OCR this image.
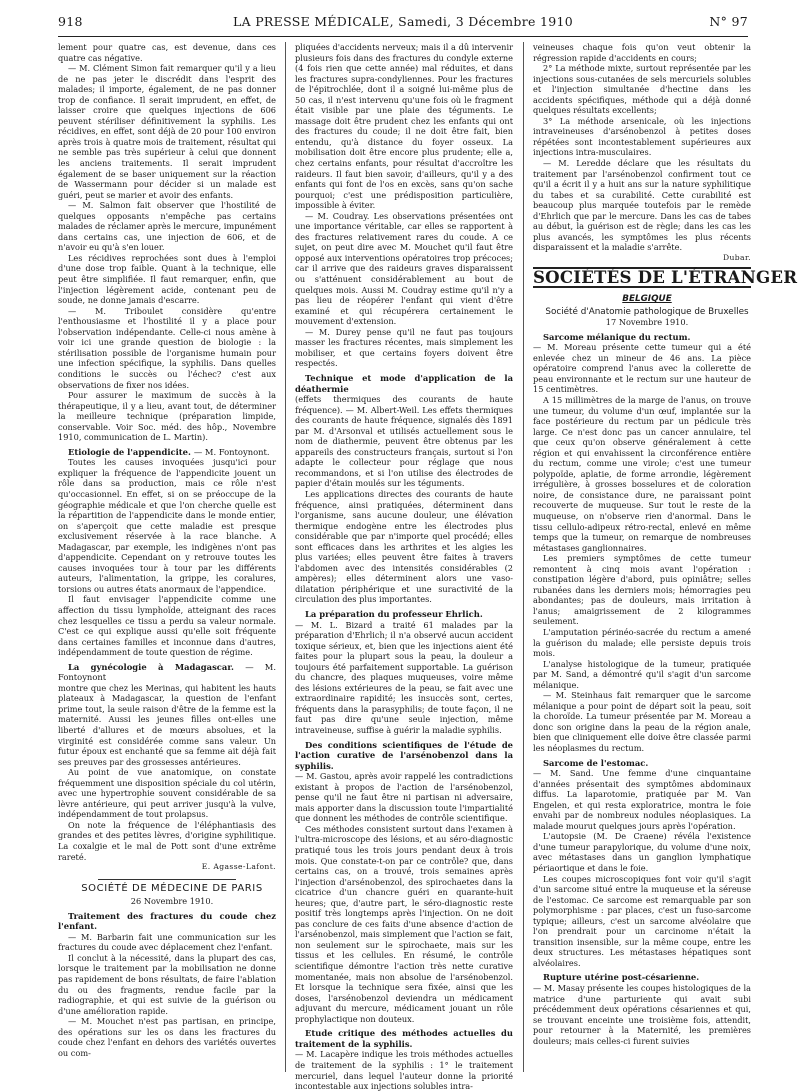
918	LA PRESSE MÉDICALE, Samedi, 3 Décembre 1910	N° 97

lement pour quatre cas, est devenue, dans ces quatre cas négative.

— M. Clément Simon fait remarquer qu'il y a lieu de ne pas jeter le discrédit dans l'esprit des malades; il importe, également, de ne pas donner trop de confiance. Il serait imprudent, en effet, de laisser croire que quelques injections de 606 peuvent stériliser définitivement la syphilis. Les récidives, en effet, sont déjà de 20 pour 100 environ après trois à quatre mois de traitement, résultat qui ne semble pas très supérieur à celui que donnent les anciens traitements. Il serait imprudent également de se baser uniquement sur la réaction de Wassermann pour décider si un malade est guéri, peut se marier et avoir des enfants.

— M. Salmon fait observer que l'hostilité de quelques opposants n'empêche pas certains malades de réclamer après le mercure, impunément dans certains cas, une injection de 606, et de n'avoir eu qu'à s'en louer.

Les récidives reprochées sont dues à l'emploi d'une dose trop faible. Quant à la technique, elle peut être simplifiée. Il faut remarquer, enfin, que l'injection légèrement acide, contenant peu de soude, ne donne jamais d'escarre.

— M. Triboulet considère qu'entre l'enthousiasme et l'hostilité il y a place pour l'observation indépendante. Celle-ci nous amène à voir ici une grande question de biologie : la stérilisation possible de l'organisme humain pour une infection spécifique, la syphilis. Dans quelles conditions le succès ou l'échec? c'est aux observations de fixer nos idées.

Pour assurer le maximum de succès à la thérapeutique, il y a lieu, avant tout, de déterminer la meilleure technique (préparation limpide, conservable. Voir Soc. méd. des hôp., Novembre 1910, communication de L. Martin).

Etiologie de l'appendicite. — M. Fontoynont.

Toutes les causes invoquées jusqu'ici pour expliquer la fréquence de l'appendicite jouent un rôle dans sa production, mais ce rôle n'est qu'occasionnel. En effet, si on se préoccupe de la géographie médicale et que l'on cherche quelle est la répartition de l'appendicite dans le monde entier, on s'aperçoit que cette maladie est presque exclusivement réservée à la race blanche. A Madagascar, par exemple, les indigènes n'ont pas d'appendicite. Cependant on y retrouve toutes les causes invoquées tour à tour par les différents auteurs, l'alimentation, la grippe, les coralures, torsions ou autres états anormaux de l'appendice.

Il faut envisager l'appendicite comme une affection du tissu lymphoïde, atteignant des races chez lesquelles ce tissu a perdu sa valeur normale. C'est ce qui explique aussi qu'elle soit fréquente dans certaines familles et inconnue dans d'autres, indépendamment de toute question de régime.

La gynécologie à Madagascar. — M. Fontoynont

montre que chez les Merinas, qui habitent les hauts plateaux à Madagascar, la question de l'enfant prime tout, la seule raison d'être de la femme est la maternité. Aussi les jeunes filles ont-elles une liberté d'allures et de mœurs absolues, et la virginité est considérée comme sans valeur. Un futur époux est enchanté que sa femme ait déjà fait ses preuves par des grossesses antérieures.

Au point de vue anatomique, on constate fréquemment une disposition spéciale du col utérin, avec une hypertrophie souvent considérable de sa lèvre antérieure, qui peut arriver jusqu'à la vulve, indépendamment de tout prolapsus.

On note la fréquence de l'éléphantiasis des grandes et des petites lèvres, d'origine syphilitique. La coxalgie et le mal de Pott sont d'une extrême rareté.

E. Agasse-Lafont.

SOCIÉTÉ DE MÉDECINE DE PARIS

26 Novembre 1910.

Traitement des fractures du coude chez l'enfant.

— M. Barbarin fait une communication sur les fractures du coude avec déplacement chez l'enfant.

Il conclut à la nécessité, dans la plupart des cas, lorsque le traitement par la mobilisation ne donne pas rapidement de bons résultats, de faire l'ablation du ou des fragments, rendue facile par la radiographie, et qui est suivie de la guérison ou d'une amélioration rapide.

— M. Mouchet n'est pas partisan, en principe, des opérations sur les os dans les fractures du coude chez l'enfant en dehors des variétés ouvertes ou com-

pliquées d'accidents nerveux; mais il a dû intervenir plusieurs fois dans des fractures du condyle externe (4 fois rien que cette année) mal réduites, et dans les fractures supra-condyliennes. Pour les fractures de l'épitrochlée, dont il a soigné lui-même plus de 50 cas, il n'est intervenu qu'une fois où le fragment était visible par une plaie des téguments. Le massage doit être prudent chez les enfants qui ont des fractures du coude; il ne doit être fait, bien entendu, qu'à distance du foyer osseux. La mobilisation doit être encore plus prudente; elle a, chez certains enfants, pour résultat d'accroître les raideurs. Il faut bien savoir, d'ailleurs, qu'il y a des enfants qui font de l'os en excès, sans qu'on sache pourquoi; c'est une prédisposition particulière, impossible à éviter.

— M. Coudray. Les observations présentées ont une importance véritable, car elles se rapportent à des fractures relativement rares du coude. A ce sujet, on peut dire avec M. Mouchet qu'il faut être opposé aux interventions opératoires trop précoces; car il arrive que des raideurs graves disparaissent ou s'atténuent considérablement au bout de quelques mois. Aussi M. Coudray estime qu'il n'y a pas lieu de réopérer l'enfant qui vient d'être examiné et qui récupérera certainement le mouvement d'extension.

— M. Durey pense qu'il ne faut pas toujours masser les fractures récentes, mais simplement les mobiliser, et que certains foyers doivent être respectés.

Technique et mode d'application de la déathermie

(effets thermiques des courants de haute fréquence). — M. Albert-Weil. Les effets thermiques des courants de haute fréquence, signalés dès 1891 par M. d'Arsonval et utilisés actuellement sous le nom de diathermie, peuvent être obtenus par les appareils des constructeurs français, surtout si l'on adapte le collecteur pour réglage que nous recommandons, et si l'on utilise des électrodes de papier d'étain moulés sur les téguments.

Les applications directes des courants de haute fréquence, ainsi pratiquées, déterminent dans l'organisme, sans aucune douleur, une élévation thermique endogène entre les électrodes plus considérable que par n'importe quel procédé; elles sont efficaces dans les arthrites et les algies les plus variées; elles peuvent être faites à travers l'abdomen avec des intensités considérables (2 ampères); elles déterminent alors une vaso-dilatation périphérique et une suractivité de la circulation des plus importantes.

La préparation du professeur Ehrlich.

— M. L. Bizard a traité 61 malades par la préparation d'Ehrlich; il n'a observé aucun accident toxique sérieux, et, bien que les injections aient été faites pour la plupart sous la peau, la douleur a toujours été parfaitement supportable. La guérison du chancre, des plaques muqueuses, voire même des lésions extérieures de la peau, se fait avec une extraordinaire rapidité; les insuccès sont, certes, fréquents dans la parasyphilis; de toute façon, il ne faut pas dire qu'une seule injection, même intraveineuse, suffise à guérir la maladie syphilis.

Des conditions scientifiques de l'étude de l'action curative de l'arsénobenzol dans la syphilis.

— M. Gastou, après avoir rappelé les contradictions existant à propos de l'action de l'arsénobenzol, pense qu'il ne faut être ni partisan ni adversaire, mais apporter dans la discussion toute l'impartialité que donnent les méthodes de contrôle scientifique.

Ces méthodes consistent surtout dans l'examen à l'ultra-microscope des lésions, et au séro-diagnostic pratiqué tous les trois jours pendant deux à trois mois. Que constate-t-on par ce contrôle? que, dans certains cas, on a trouvé, trois semaines après l'injection d'arsénobenzol, des spirochaetes dans la cicatrice d'un chancre guéri en quarante-huit heures; que, d'autre part, le séro-diagnostic reste positif très longtemps après l'injection. On ne doit pas conclure de ces faits d'une absence d'action de l'arsénobenzol, mais simplement que l'action se fait, non seulement sur le spirochaete, mais sur les tissus et les cellules. En résumé, le contrôle scientifique démontre l'action très nette curative momentanée, mais non absolue de l'arsénobenzol. Et lorsque la technique sera fixée, ainsi que les doses, l'arsénobenzol deviendra un médicament adjuvant du mercure, médicament jouant un rôle prophylactique non douteux.

Etude critique des méthodes actuelles du traitement de la syphilis.

— M. Lacapère indique les trois méthodes actuelles de traitement de la syphilis : 1° le traitement mercuriel, dans lequel l'auteur donne la priorité incontestable aux injections solubles intra-

veineuses chaque fois qu'on veut obtenir la régression rapide d'accidents en cours;

2° La méthode mixte, surtout représentée par les injections sous-cutanées de sels mercuriels solubles et l'injection simultanée d'hectine dans les accidents spécifiques, méthode qui a déjà donné quelques résultats excellents;

3° La méthode arsenicale, où les injections intraveineuses d'arsénobenzol à petites doses répétées sont incontestablement supérieures aux injections intra-musculaires.

— M. Leredde déclare que les résultats du traitement par l'arsénobenzol confirment tout ce qu'il a écrit il y a huit ans sur la nature syphilitique du tabes et sa curabilité. Cette curabilité est beaucoup plus marquée toutefois par le remède d'Ehrlich que par le mercure. Dans les cas de tabes au début, la guérison est de règle; dans les cas les plus avancés, les symptômes les plus récents disparaissent et la maladie s'arrête.

Dubar.

SOCIÉTÉS DE L'ÉTRANGER

BELGIQUE

Société d'Anatomie pathologique de Bruxelles

17 Novembre 1910.

Sarcome mélanique du rectum.

— M. Moreau présente cette tumeur qui a été enlevée chez un mineur de 46 ans. La pièce opératoire comprend l'anus avec la collerette de peau environnante et le rectum sur une hauteur de 15 centimètres.

A 15 millimètres de la marge de l'anus, on trouve une tumeur, du volume d'un œuf, implantée sur la face postérieure du rectum par un pédicule très large. Ce n'est donc pas un cancer annulaire, tel que ceux qu'on observe généralement à cette région et qui envahissent la circonférence entière du rectum, comme une virole; c'est une tumeur polypoïde, aplatie, de forme arrondie, légèrement irrégulière, à grosses bosselures et de coloration noire, de consistance dure, ne paraissant point recouverte de muqueuse. Sur tout le reste de la muqueuse, on n'observe rien d'anormal. Dans le tissu cellulo-adipeux rétro-rectal, enlevé en même temps que la tumeur, on remarque de nombreuses métastases ganglionnaires.

Les premiers symptômes de cette tumeur remontent à cinq mois avant l'opération : constipation légère d'abord, puis opiniâtre; selles rubanées dans les derniers mois; hémorragies peu abondantes; pas de douleurs, mais irritation à l'anus; amaigrissement de 2 kilogrammes seulement.

L'amputation périnéo-sacrée du rectum a amené la guérison du malade; elle persiste depuis trois mois.

L'analyse histologique de la tumeur, pratiquée par M. Sand, a démontré qu'il s'agit d'un sarcome mélanique.

— M. Steinhaus fait remarquer que le sarcome mélanique a pour point de départ soit la peau, soit la choroïde. La tumeur présentée par M. Moreau a donc son origine dans la peau de la région anale, bien que cliniquement elle doive être classée parmi les néoplasmes du rectum.

Sarcome de l'estomac.

— M. Sand. Une femme d'une cinquantaine d'années présentait des symptômes abdominaux diffus. La laparotomie, pratiquée par M. Van Engelen, et qui resta exploratrice, montra le foie envahi par de nombreux nodules néoplasiques. La malade mourut quelques jours après l'opération.

L'autopsie (M. De Craene) révéla l'existence d'une tumeur parapylorique, du volume d'une noix, avec métastases dans un ganglion lymphatique périaortique et dans le foie.

Les coupes microscopiques font voir qu'il s'agit d'un sarcome situé entre la muqueuse et la séreuse de l'estomac. Ce sarcome est remarquable par son polymorphisme : par places, c'est un fuso-sarcome typique; ailleurs, c'est un sarcome alvéolaire que l'on prendrait pour un carcinome n'était la transition insensible, sur la même coupe, entre les deux structures. Les métastases hépatiques sont alvéolaires.

Rupture utérine post-césarienne.

— M. Masay présente les coupes histologiques de la matrice d'une parturiente qui avait subi précédemment deux opérations césariennes et qui, se trouvant enceinte une troisième fois, attendit, pour retourner à la Maternité, les premières douleurs; mais celles-ci furent suivies
